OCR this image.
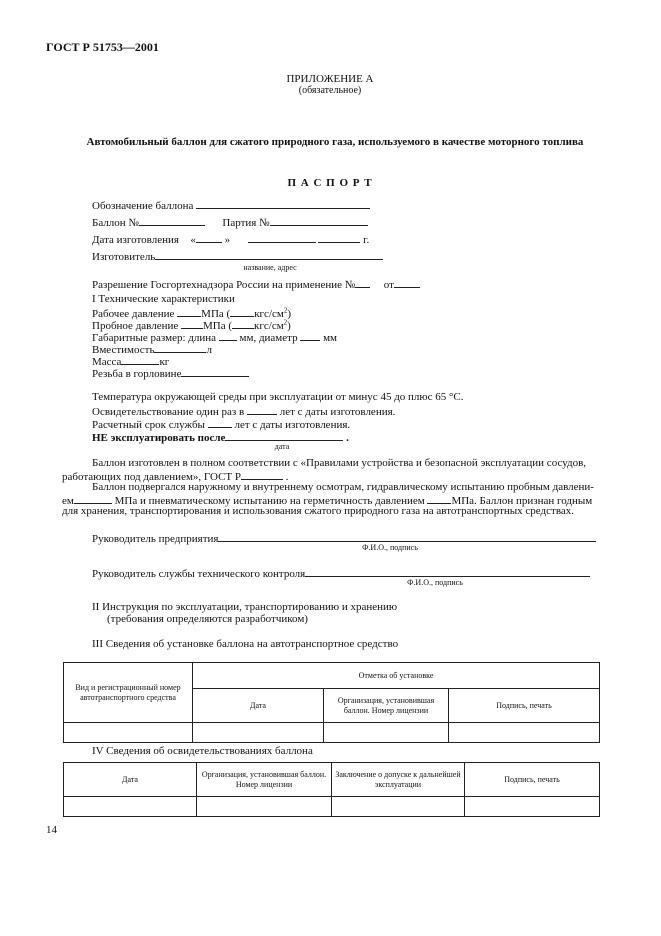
ГОСТ Р 51753—2001
ПРИЛОЖЕНИЕ А
(обязательное)
Автомобильный баллон для сжатого природного газа, используемого в качестве моторного топлива
П А С П О Р Т
Обозначение баллона
Баллон №	Партия №
Дата изготовления «	»	г.
Изготовитель
название, адрес
Разрешение Госгортехнадзора России на применение №	от
I Технические характеристики
Рабочее давление МПа ( кгс/$см^2$)
Пробное давление МПа ( кгс/$см^2$)
Габаритные размер: длина мм, диаметр мм
Вместимость	л
Масса	кг
Резьба в горловине
Температура окружающей среды при эксплуатации от минус 45 до плюс 65 °С.
Освидетельствование один раз в	лет с даты изготовления.
Расчетный срок службы	лет с даты изготовления.
НЕ эксплуатировать после	.
дата
Баллон изготовлен в полном соответствии с «Правилами устройства и безопасной эксплуатации сосудов,
работающих под давлением», ГОСТ Р	.
Баллон подвергался наружному и внутреннему осмотрам, гидравлическому испытанию пробным давлени-
ем	МПа и пневматическому испытанию на герметичность давлением МПа. Баллон признан годным
для хранения, транспортирования и использования сжатого природного газа на автотранспортных средствах.
Руководитель предприятия
Ф.И.О., подпись
Руководитель службы технического контроля
Ф.И.О., подпись
II Инструкция по эксплуатации, транспортированию и хранению
(требования определяются разработчиком)
III Сведения об установке баллона на автотранспортное средство
Вид и регистрационный номер автотранспортного средства	Отметка об установке		
	Дата	Организация, установившая баллон. Номер лицензии	Подпись, печать

IV Сведения об освидетельствованиях баллона
Дата	Организация, установившая баллон. Номер лицензии	Заключение о допуске к дальнейшей эксплуатации	Подпись, печать

14
